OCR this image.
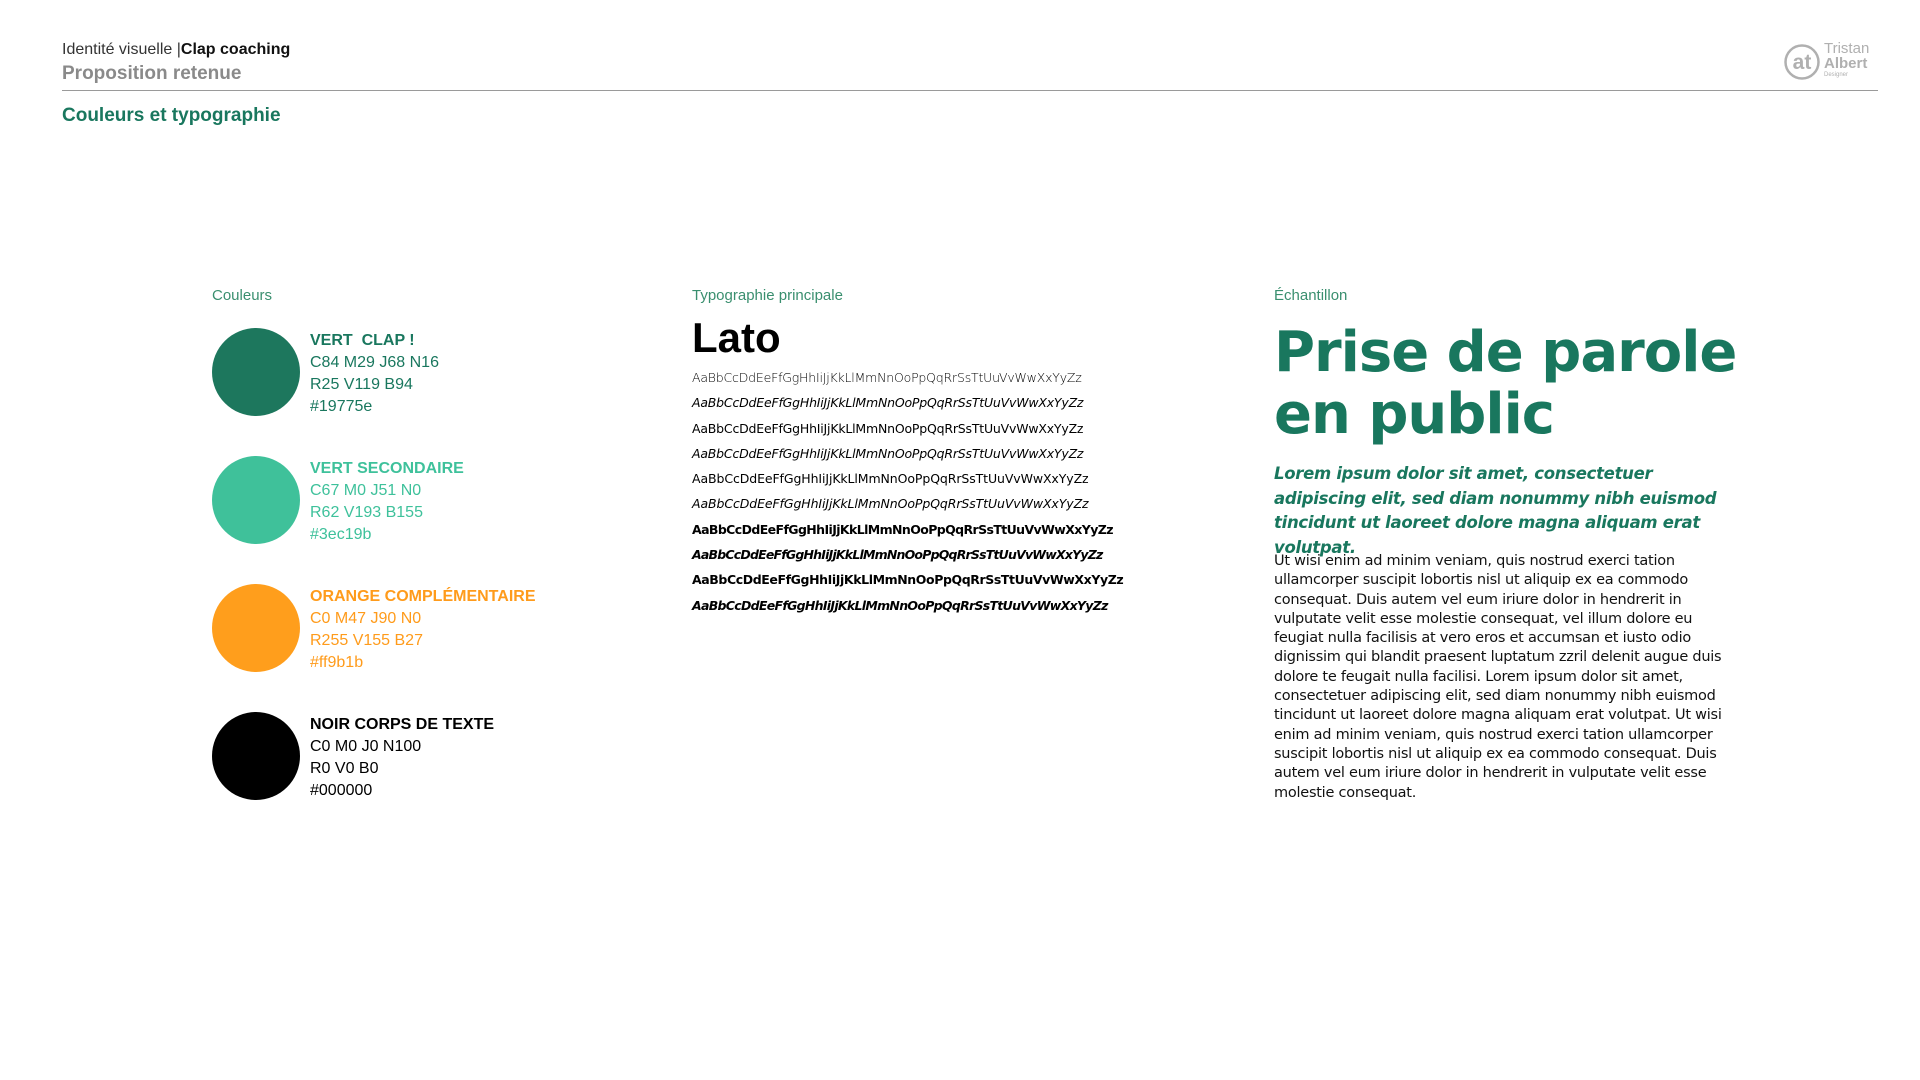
Identité visuelle |Clap coaching
Proposition retenue
Couleurs et typographie
at
Tristan
Albert
Designer
Couleurs
VERT  CLAP !
C84 M29 J68 N16
R25 V119 B94
#19775e
VERT SECONDAIRE
C67 M0 J51 N0
R62 V193 B155
#3ec19b
ORANGE COMPLÉMENTAIRE
C0 M47 J90 N0
R255 V155 B27
#ff9b1b
NOIR CORPS DE TEXTE
C0 M0 J0 N100
R0 V0 B0
#000000
Typographie principale
Lato
AaBbCcDdEeFfGgHhIiJjKkLlMmNnOoPpQqRrSsTtUuVvWwXxYyZz
AaBbCcDdEeFfGgHhIiJjKkLlMmNnOoPpQqRrSsTtUuVvWwXxYyZz
AaBbCcDdEeFfGgHhIiJjKkLlMmNnOoPpQqRrSsTtUuVvWwXxYyZz
AaBbCcDdEeFfGgHhIiJjKkLlMmNnOoPpQqRrSsTtUuVvWwXxYyZz
AaBbCcDdEeFfGgHhIiJjKkLlMmNnOoPpQqRrSsTtUuVvWwXxYyZz
AaBbCcDdEeFfGgHhIiJjKkLlMmNnOoPpQqRrSsTtUuVvWwXxYyZz
AaBbCcDdEeFfGgHhIiJjKkLlMmNnOoPpQqRrSsTtUuVvWwXxYyZz
AaBbCcDdEeFfGgHhIiJjKkLlMmNnOoPpQqRrSsTtUuVvWwXxYyZz
AaBbCcDdEeFfGgHhIiJjKkLlMmNnOoPpQqRrSsTtUuVvWwXxYyZz
AaBbCcDdEeFfGgHhIiJjKkLlMmNnOoPpQqRrSsTtUuVvWwXxYyZz
Échantillon
Prise de parole en public
Lorem ipsum dolor sit amet, consectetuer adipiscing elit, sed diam nonummy nibh euismod tincidunt ut laoreet dolore magna aliquam erat volutpat.
Ut wisi enim ad minim veniam, quis nostrud exerci tation ullamcorper suscipit lobortis nisl ut aliquip ex ea commodo consequat. Duis autem vel eum iriure dolor in hendrerit in vulputate velit esse molestie consequat, vel illum dolore eu feugiat nulla facilisis at vero eros et accumsan et iusto odio dignissim qui blandit praesent luptatum zzril delenit augue duis dolore te feugait nulla facilisi. Lorem ipsum dolor sit amet, consectetuer adipiscing elit, sed diam nonummy nibh euismod tincidunt ut laoreet dolore magna aliquam erat volutpat. Ut wisi enim ad minim veniam, quis nostrud exerci tation ullamcorper suscipit lobortis nisl ut aliquip ex ea commodo consequat. Duis autem vel eum iriure dolor in hendrerit in vulputate velit esse molestie consequat.
